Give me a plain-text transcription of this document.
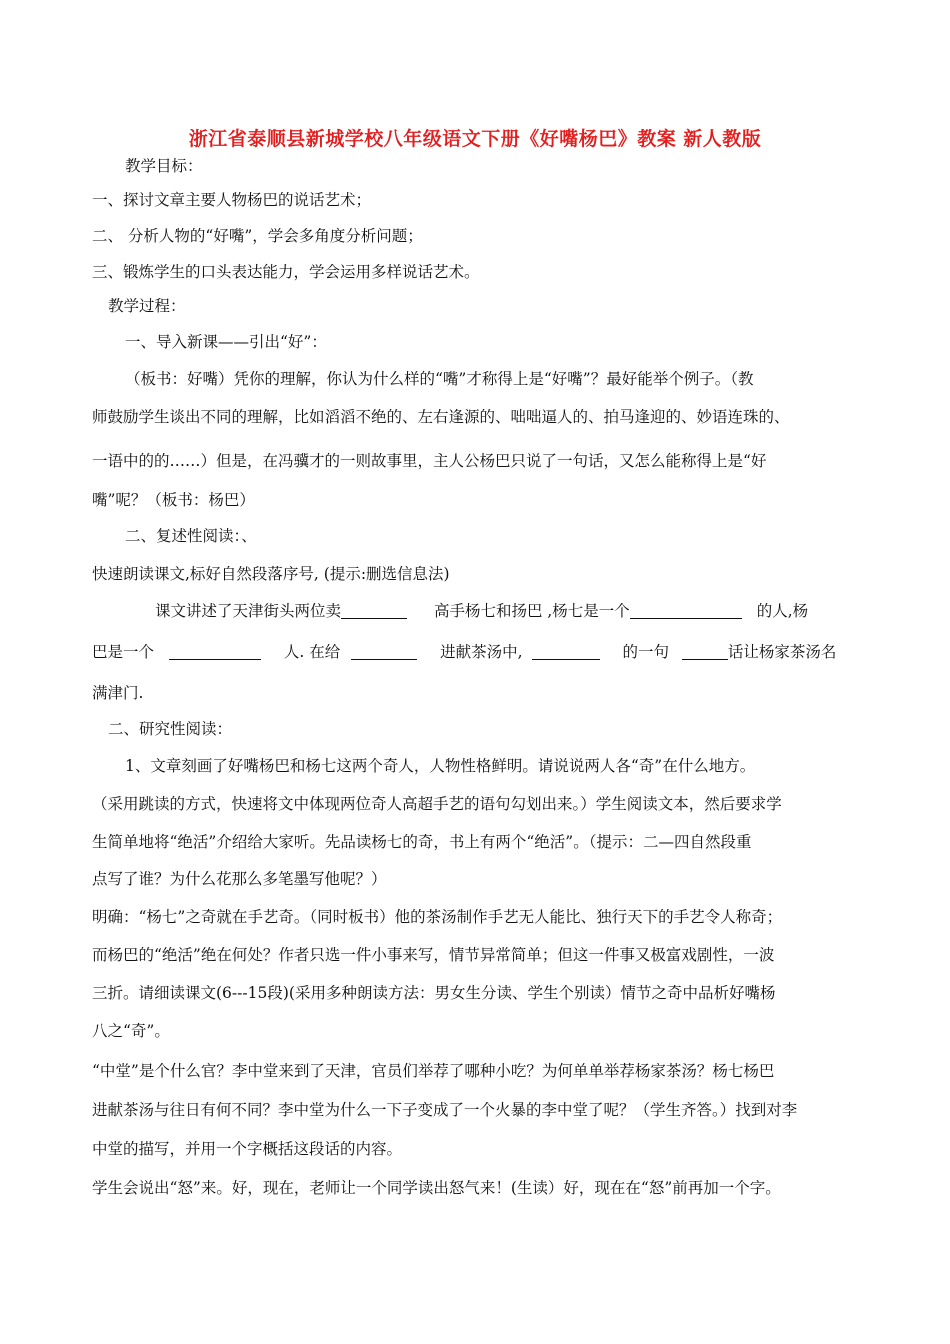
浙江省泰顺县新城学校八年级语文下册《好嘴杨巴》教案 新人教版
教学目标：
一、探讨文章主要人物杨巴的说话艺术；
二、 分析人物的“好嘴”，学会多角度分析问题；
三、锻炼学生的口头表达能力，学会运用多样说话艺术。
教学过程：
一、导入新课——引出“好”：
（板书：好嘴）凭你的理解，你认为什么样的“嘴”才称得上是“好嘴”？最好能举个例子。（教
师鼓励学生谈出不同的理解，比如滔滔不绝的、左右逢源的、咄咄逼人的、拍马逢迎的、妙语连珠的、
一语中的的……）但是，在冯骥才的一则故事里，主人公杨巴只说了一句话，又怎么能称得上是“好
嘴”呢？（板书：杨巴）
二、复述性阅读：、
快速朗读课文,标好自然段落序号, (提示:删选信息法)
课文讲述了天津街头两位卖	高手杨七和扬巴 ,杨七是一个	的人,杨
巴是一个	人. 在给	进献茶汤中,	的一句	话让杨家茶汤名
满津门.
二、研究性阅读：
1、文章刻画了好嘴杨巴和杨七这两个奇人，人物性格鲜明。请说说两人各“奇”在什么地方。
（采用跳读的方式，快速将文中体现两位奇人高超手艺的语句勾划出来。）学生阅读文本，然后要求学
生简单地将“绝活”介绍给大家听。先品读杨七的奇，书上有两个“绝活”。（提示：二—四自然段重
点写了谁？为什么花那么多笔墨写他呢？）
明确：“杨七”之奇就在手艺奇。（同时板书）他的茶汤制作手艺无人能比、独行天下的手艺令人称奇；
而杨巴的“绝活”绝在何处？作者只选一件小事来写，情节异常简单；但这一件事又极富戏剧性，一波
三折。请细读课文(6---15段)(采用多种朗读方法：男女生分读、学生个别读）情节之奇中品析好嘴杨
八之“奇”。
“中堂”是个什么官？李中堂来到了天津，官员们举荐了哪种小吃？为何单单举荐杨家茶汤？杨七杨巴
进献茶汤与往日有何不同？李中堂为什么一下子变成了一个火暴的李中堂了呢？（学生齐答。）找到对李
中堂的描写，并用一个字概括这段话的内容。
学生会说出“怒”来。好，现在，老师让一个同学读出怒气来！(生读）好，现在在“怒”前再加一个字。
